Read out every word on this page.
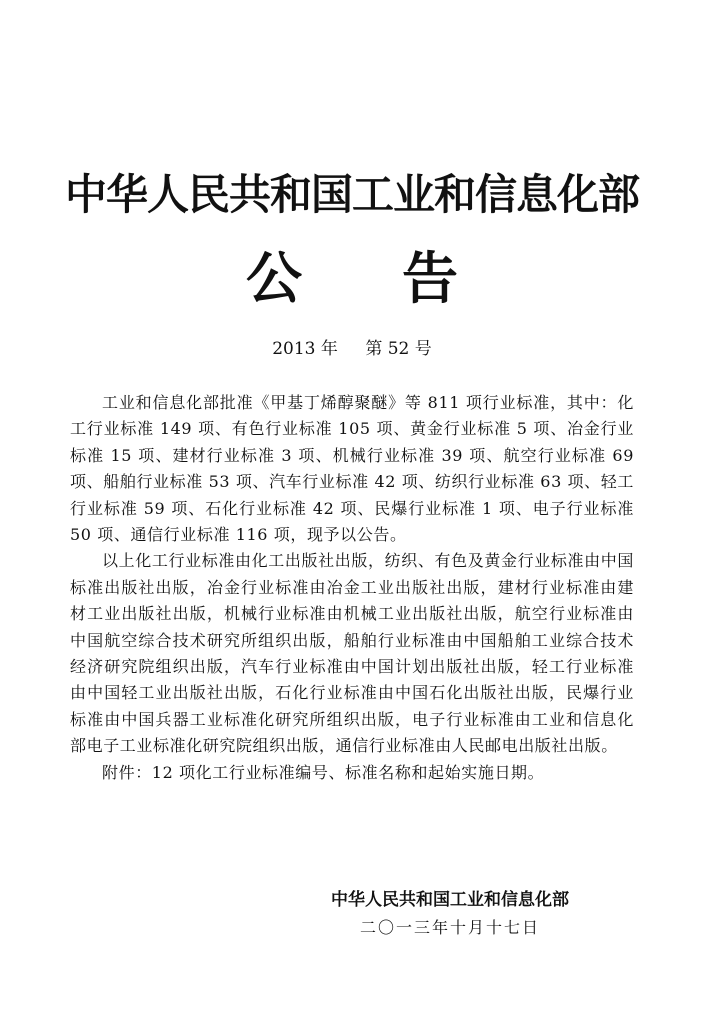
中华人民共和国工业和信息化部
公告
2013 年 第 52 号

工业和信息化部批准《甲基丁烯醇聚醚》等 811 项行业标准，其中：化工行业标准 149 项、有色行业标准 105 项、黄金行业标准 5 项、冶金行业标准 15 项、建材行业标准 3 项、机械行业标准 39 项、航空行业标准 69 项、船舶行业标准 53 项、汽车行业标准 42 项、纺织行业标准 63 项、轻工行业标准 59 项、石化行业标准 42 项、民爆行业标准 1 项、电子行业标准 50 项、通信行业标准 116 项，现予以公告。

以上化工行业标准由化工出版社出版，纺织、有色及黄金行业标准由中国标准出版社出版，冶金行业标准由冶金工业出版社出版，建材行业标准由建材工业出版社出版，机械行业标准由机械工业出版社出版，航空行业标准由中国航空综合技术研究所组织出版，船舶行业标准由中国船舶工业综合技术经济研究院组织出版，汽车行业标准由中国计划出版社出版，轻工行业标准由中国轻工业出版社出版，石化行业标准由中国石化出版社出版，民爆行业标准由中国兵器工业标准化研究所组织出版，电子行业标准由工业和信息化部电子工业标准化研究院组织出版，通信行业标准由人民邮电出版社出版。

附件：12 项化工行业标准编号、标准名称和起始实施日期。

中华人民共和国工业和信息化部
二〇一三年十月十七日
